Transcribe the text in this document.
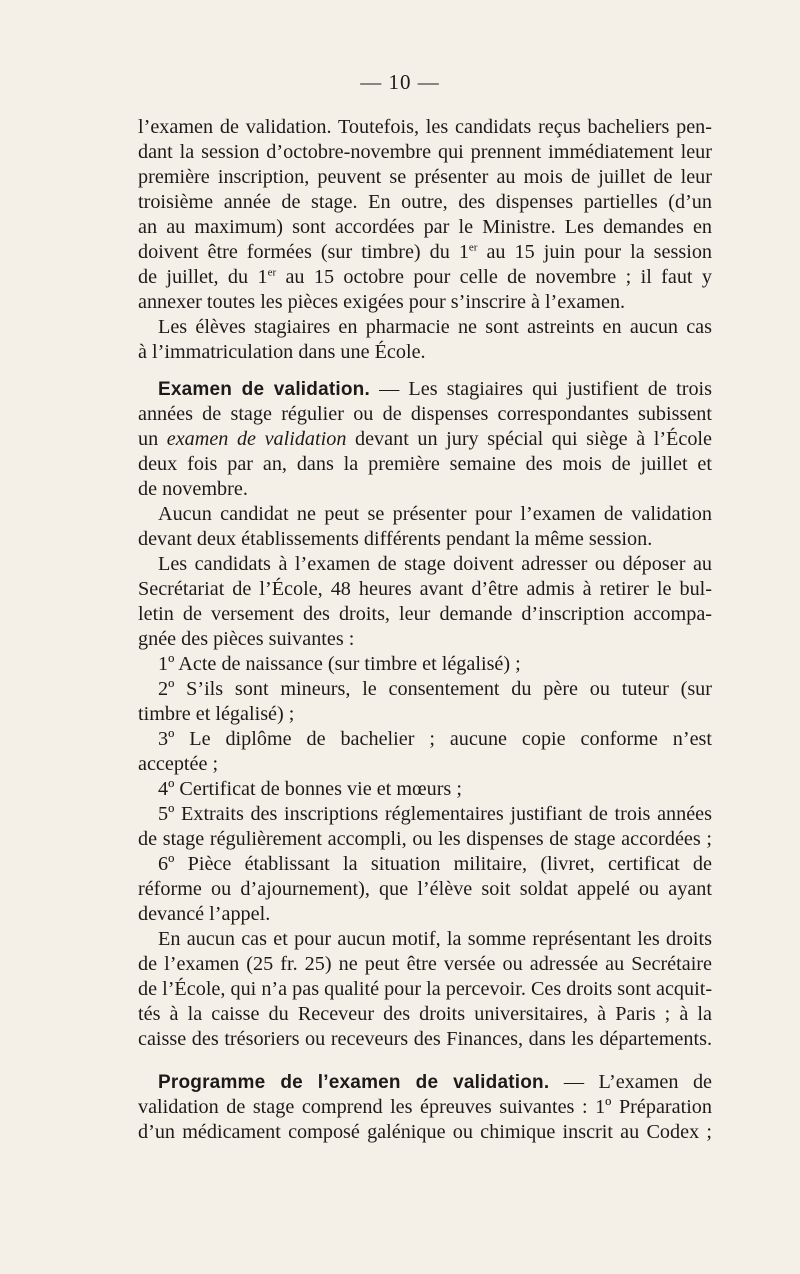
— 10 —
l’examen de validation. Toutefois, les candidats reçus bacheliers pen-
dant la session d’octobre-novembre qui prennent immédiatement leur
première inscription, peuvent se présenter au mois de juillet de leur
troisième année de stage. En outre, des dispenses partielles (d’un
an au maximum) sont accordées par le Ministre. Les demandes en
doivent être formées (sur timbre) du 1er au 15 juin pour la session
de juillet, du 1er au 15 octobre pour celle de novembre ; il faut y
annexer toutes les pièces exigées pour s’inscrire à l’examen.
Les élèves stagiaires en pharmacie ne sont astreints en aucun cas
à l’immatriculation dans une École.
Examen de validation. — Les stagiaires qui justifient de trois
années de stage régulier ou de dispenses correspondantes subissent
un examen de validation devant un jury spécial qui siège à l’École
deux fois par an, dans la première semaine des mois de juillet et
de novembre.
Aucun candidat ne peut se présenter pour l’examen de validation
devant deux établissements différents pendant la même session.
Les candidats à l’examen de stage doivent adresser ou déposer au
Secrétariat de l’École, 48 heures avant d’être admis à retirer le bul-
letin de versement des droits, leur demande d’inscription accompa-
gnée des pièces suivantes :
1º Acte de naissance (sur timbre et légalisé) ;
2º S’ils sont mineurs, le consentement du père ou tuteur (sur
timbre et légalisé) ;
3º Le diplôme de bachelier ; aucune copie conforme n’est
acceptée ;
4º Certificat de bonnes vie et mœurs ;
5º Extraits des inscriptions réglementaires justifiant de trois années
de stage régulièrement accompli, ou les dispenses de stage accordées ;
6º Pièce établissant la situation militaire, (livret, certificat de
réforme ou d’ajournement), que l’élève soit soldat appelé ou ayant
devancé l’appel.
En aucun cas et pour aucun motif, la somme représentant les droits
de l’examen (25 fr. 25) ne peut être versée ou adressée au Secrétaire
de l’École, qui n’a pas qualité pour la percevoir. Ces droits sont acquit-
tés à la caisse du Receveur des droits universitaires, à Paris ; à la
caisse des trésoriers ou receveurs des Finances, dans les départements.
Programme de l’examen de validation. — L’examen de
validation de stage comprend les épreuves suivantes : 1º Préparation
d’un médicament composé galénique ou chimique inscrit au Codex ;
